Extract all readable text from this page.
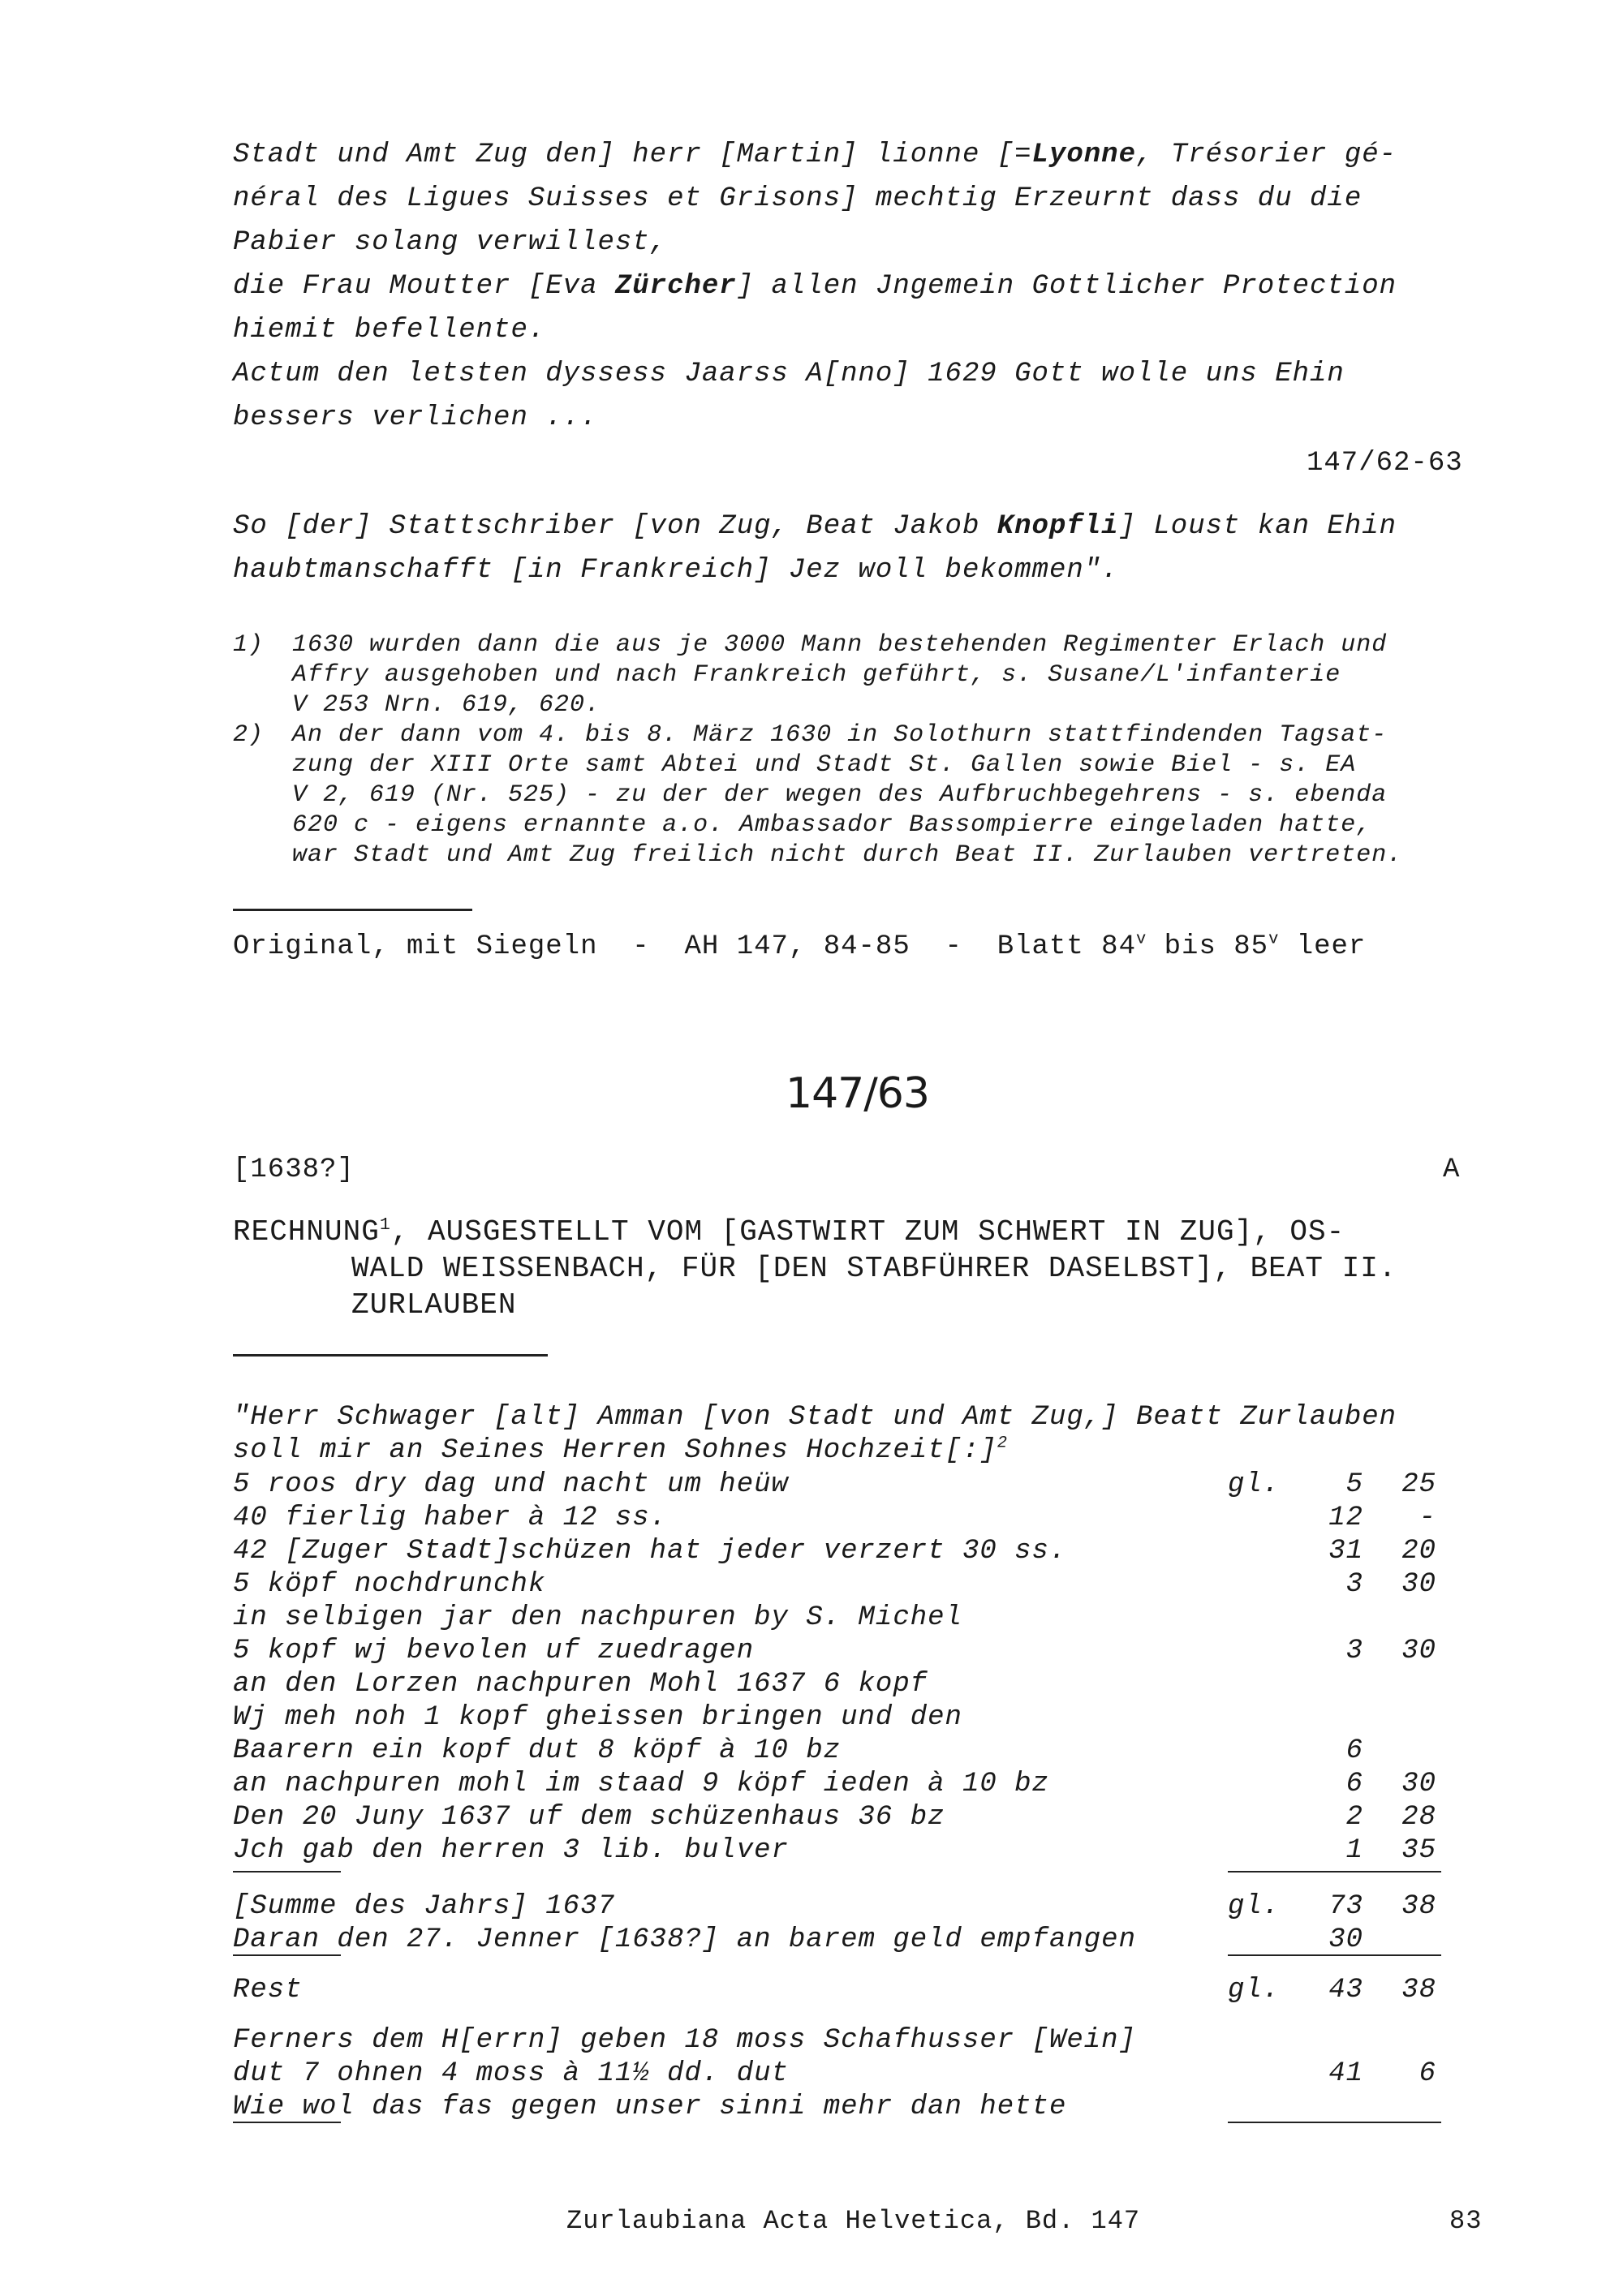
Stadt und Amt Zug den] herr [Martin] lionne [=Lyonne, Trésorier gé-
néral des Ligues Suisses et Grisons] mechtig Erzeurnt dass du die
Pabier solang verwillest,
die Frau Moutter [Eva Zürcher] allen Jngemein Gottlicher Protection
hiemit befellente.
Actum den letsten dyssess Jaarss A[nno] 1629 Gott wolle uns Ehin
bessers verlichen ...
147/62-63
So [der] Stattschriber [von Zug, Beat Jakob Knopfli] Loust kan Ehin
haubtmanschafft [in Frankreich] Jez woll bekommen".
1) 1630 wurden dann die aus je 3000 Mann bestehenden Regimenter Erlach und
Affry ausgehoben und nach Frankreich geführt, s. Susane/L'infanterie
V 253 Nrn. 619, 620.
2) An der dann vom 4. bis 8. März 1630 in Solothurn stattfindenden Tagsat-
zung der XIII Orte samt Abtei und Stadt St. Gallen sowie Biel - s. EA
V 2, 619 (Nr. 525) - zu der der wegen des Aufbruchbegehrens - s. ebenda
620 c - eigens ernannte a.o. Ambassador Bassompierre eingeladen hatte,
war Stadt und Amt Zug freilich nicht durch Beat II. Zurlauben vertreten.
Original, mit Siegeln  -  AH 147, 84-85  -  Blatt 84$^v$ bis 85$^v$ leer
147/63
[1638?]	A
RECHNUNG$^1$, AUSGESTELLT VOM [GASTWIRT ZUM SCHWERT IN ZUG], OS-
WALD WEISSENBACH, FÜR [DEN STABFÜHRER DASELBST], BEAT II.
ZURLAUBEN
"Herr Schwager [alt] Amman [von Stadt und Amt Zug,] Beatt Zurlauben
soll mir an Seines Herren Sohnes Hochzeit[:]$^2$
5 roos dry dag und nacht um heüw	gl.	5	25
40 fierlig haber à 12 ss.	12	-
42 [Zuger Stadt]schüzen hat jeder verzert 30 ss.	31	20
5 köpf nochdrunchk	3	30
in selbigen jar den nachpuren by S. Michel
5 kopf wj bevolen uf zuedragen	3	30
an den Lorzen nachpuren Mohl 1637 6 kopf
Wj meh noh 1 kopf gheissen bringen und den
Baarern ein kopf dut 8 köpf à 10 bz	6
an nachpuren mohl im staad 9 köpf ieden à 10 bz	6	30
Den 20 Juny 1637 uf dem schüzenhaus 36 bz	2	28
Jch gab den herren 3 lib. bulver	1	35
[Summe des Jahrs] 1637	gl.	73	38
Daran den 27. Jenner [1638?] an barem geld empfangen	30
Rest	gl.	43	38
Ferners dem H[errn] geben 18 moss Schafhusser [Wein]
dut 7 ohnen 4 moss à 11½ dd. dut	41	6
Wie wol das fas gegen unser sinni mehr dan hette
Zurlaubiana Acta Helvetica, Bd. 147	83
